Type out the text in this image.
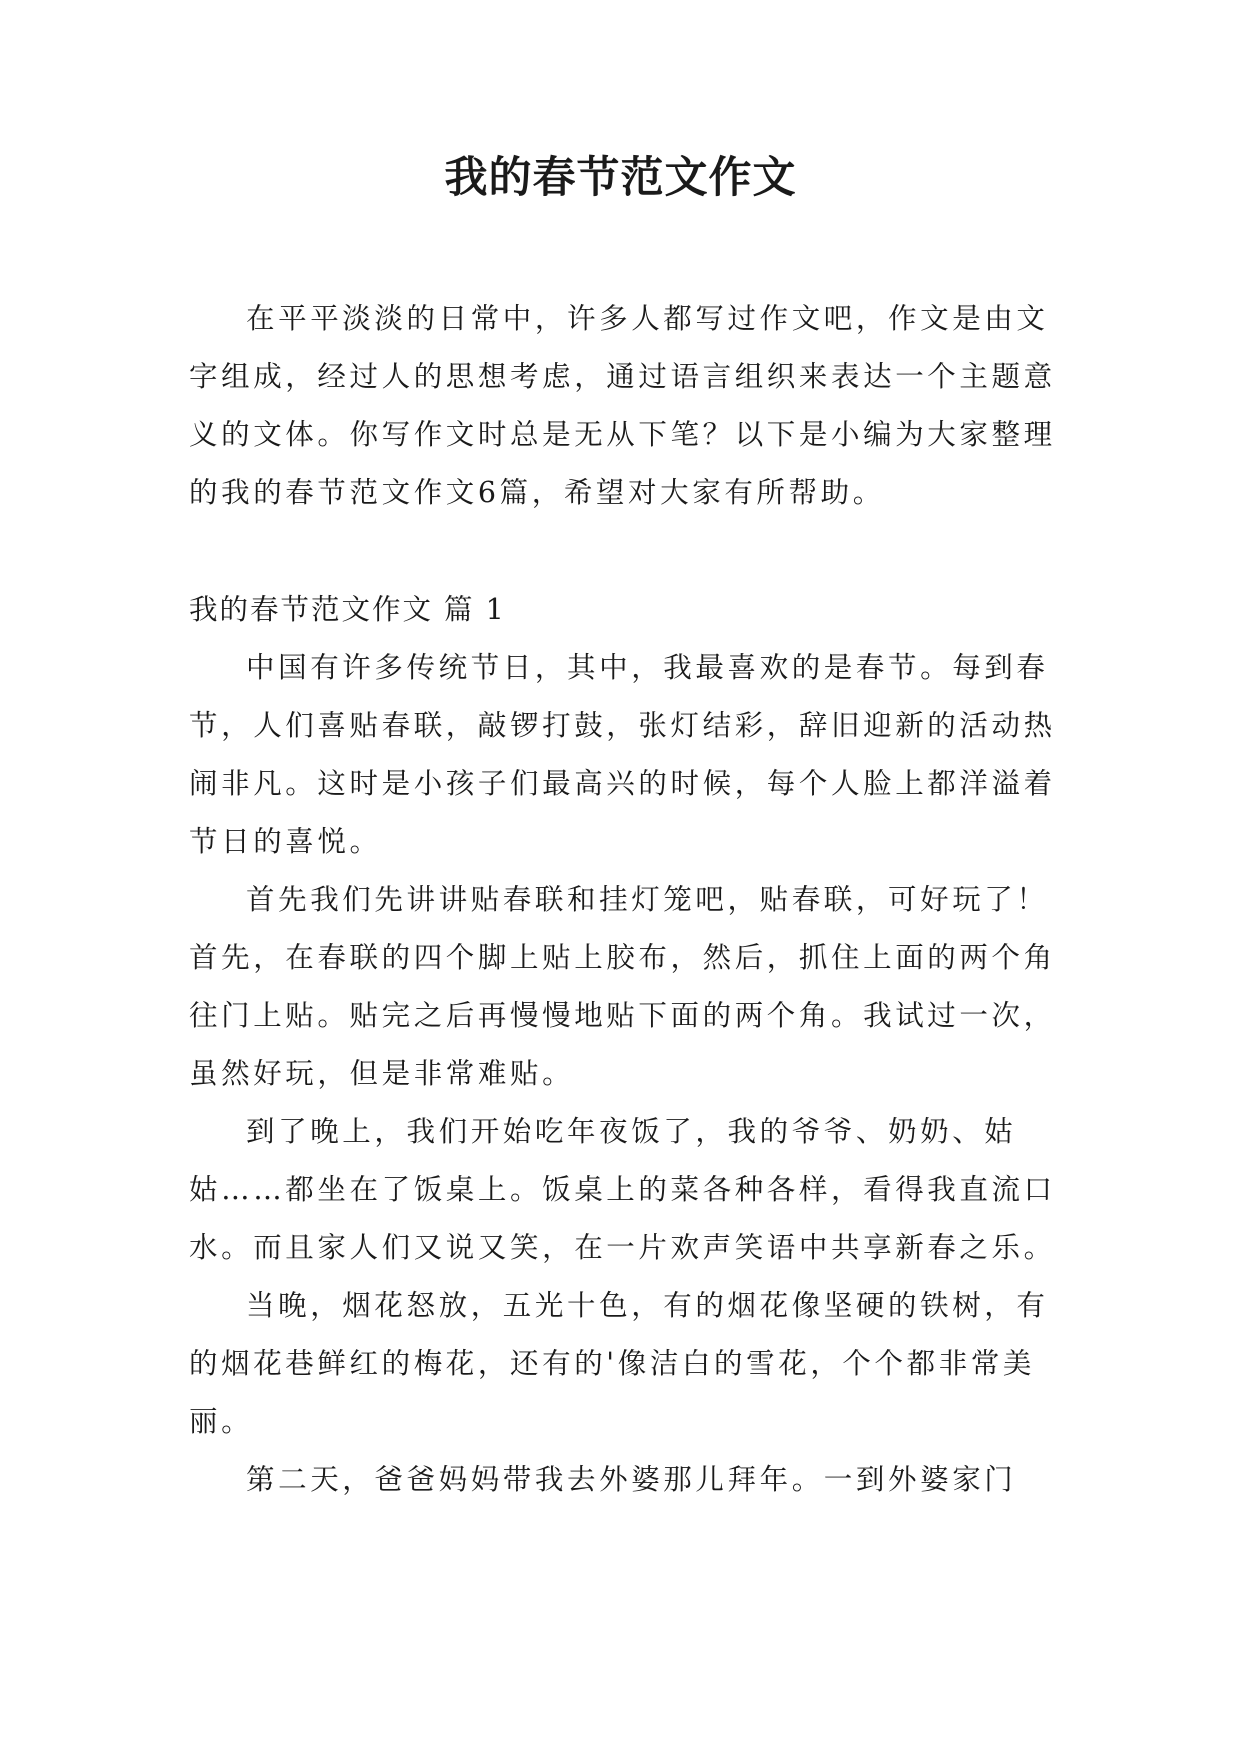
我的春节范文作文

在平平淡淡的日常中，许多人都写过作文吧，作文是由文字组成，经过人的思想考虑，通过语言组织来表达一个主题意义的文体。你写作文时总是无从下笔？以下是小编为大家整理的我的春节范文作文6篇，希望对大家有所帮助。

我的春节范文作文 篇 1

中国有许多传统节日，其中，我最喜欢的是春节。每到春节，人们喜贴春联，敲锣打鼓，张灯结彩，辞旧迎新的活动热闹非凡。这时是小孩子们最高兴的时候，每个人脸上都洋溢着节日的喜悦。

首先我们先讲讲贴春联和挂灯笼吧，贴春联，可好玩了！首先，在春联的四个脚上贴上胶布，然后，抓住上面的两个角往门上贴。贴完之后再慢慢地贴下面的两个角。我试过一次，虽然好玩，但是非常难贴。

到了晚上，我们开始吃年夜饭了，我的爷爷、奶奶、姑姑……都坐在了饭桌上。饭桌上的菜各种各样，看得我直流口水。而且家人们又说又笑，在一片欢声笑语中共享新春之乐。

当晚，烟花怒放，五光十色，有的烟花像坚硬的铁树，有的烟花巷鲜红的梅花，还有的'像洁白的雪花，个个都非常美丽。

第二天，爸爸妈妈带我去外婆那儿拜年。一到外婆家门
